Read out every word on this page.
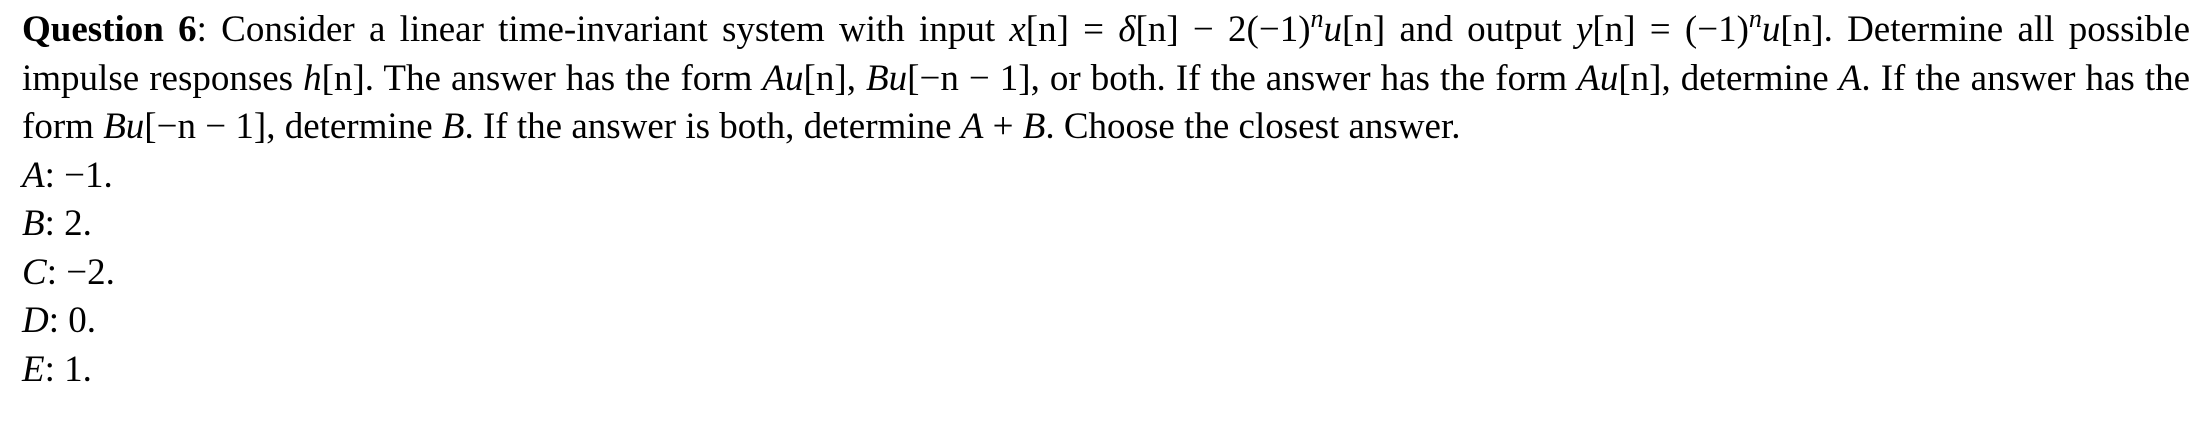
Question 6: Consider a linear time-invariant system with input $x[n] = \delta[n] - 2(-1)^nu[n]$ and output $y[n] = (-1)^nu[n]$. Determine all possible impulse responses h[n]. The answer has the form Au[n], Bu[−n − 1], or both. If the answer has the form Au[n], determine A. If the answer has the form Bu[−n − 1], determine B. If the answer is both, determine A + B. Choose the closest answer.

A: −1.
B: 2.
C: −2.
D: 0.
E: 1.
